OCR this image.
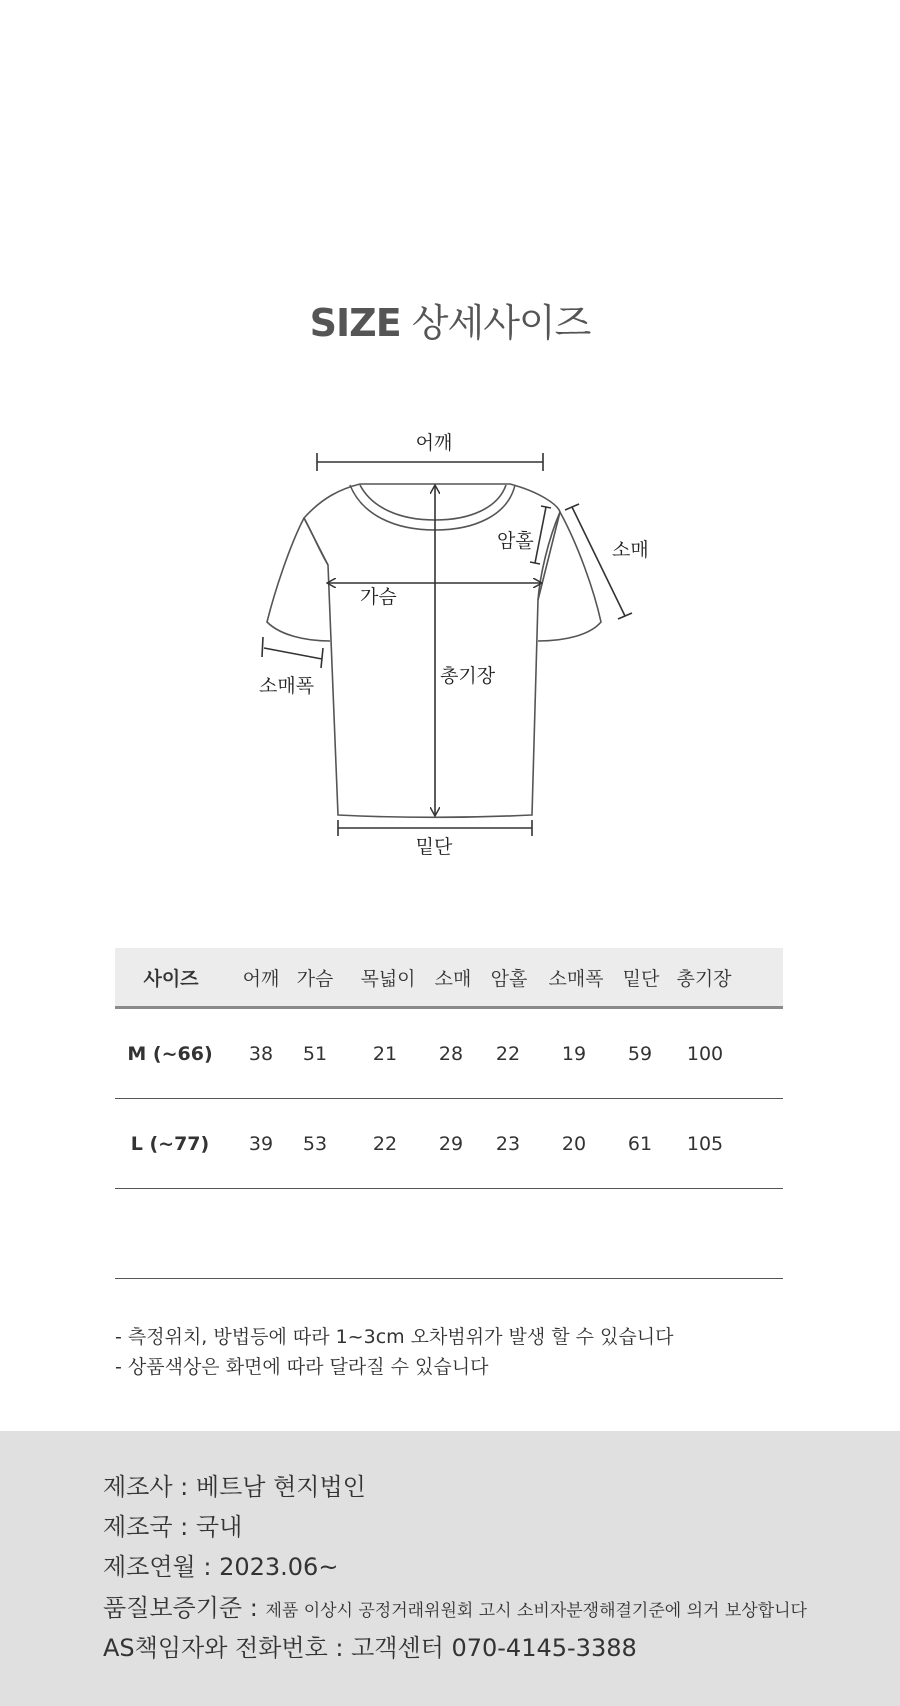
SIZE 상세사이즈
어깨
암홀	소매
가슴
총기장
소매폭
밑단
사이즈	어깨 가슴 목넓이 소매 암홀	소매폭	밑단 총기장
M (~66)	38	51	21	28	22	19	59	100
L (~77)	39	53	22	29	23	20	61	105
- 측정위치, 방법등에 따라 1~3cm 오차범위가 발생 할 수 있습니다
- 상품색상은 화면에 따라 달라질 수 있습니다
제조사 : 베트남 현지법인
제조국 : 국내
제조연월 : 2023.06~
품질보증기준 : 제품 이상시 공정거래위원회 고시 소비자분쟁해결기준에 의거 보상합니다
AS책임자와 전화번호 : 고객센터 070-4145-3388
